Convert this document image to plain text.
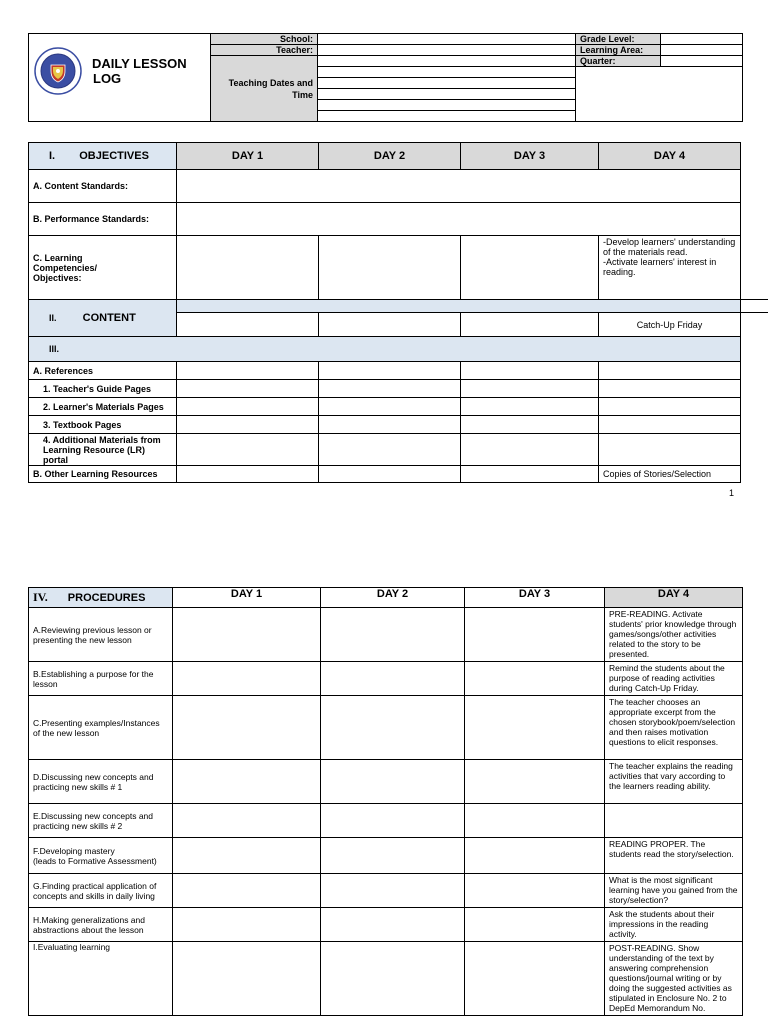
DAILY LESSON
LOG
	School:		Grade Level:	
	Teacher:		Learning Area:	
	Teaching Dates and Time		Quarter:	

I. OBJECTIVES	DAY 1	DAY 2	DAY 3	DAY 4
A. Content Standards:				
B. Performance Standards:				

C. Learning Competencies/ Objectives:				-Develop learners' understanding of the materials read.
-Activate learners' interest in reading.
II. CONTENT				
				Catch-Up Friday
III.				
A. References				
1. Teacher's Guide Pages				
2. Learner's Materials Pages				
3. Textbook Pages				
4. Additional Materials from Learning Resource (LR) portal				
B. Other Learning Resources				Copies of Stories/Selection
1
IV. PROCEDURES	DAY 1	DAY 2	DAY 3	DAY 4
A.Reviewing previous lesson or presenting the new lesson				PRE-READING. Activate students' prior knowledge through games/songs/other activities related to the story to be presented.
B.Establishing a purpose for the lesson				Remind the students about the purpose of reading activities during Catch-Up Friday.
C.Presenting examples/Instances of the new lesson				The teacher chooses an appropriate excerpt from the chosen storybook/poem/selection and then raises motivation questions to elicit responses.
D.Discussing new concepts and practicing new skills # 1				The teacher explains the reading activities that vary according to the learners reading ability.
E.Discussing new concepts and practicing new skills # 2				
F.Developing mastery
(leads to Formative Assessment)				READING PROPER. The students read the story/selection.
G.Finding practical application of concepts and skills in daily living				What is the most significant learning have you gained from the story/selection?
H.Making generalizations and abstractions about the lesson				Ask the students about their impressions in the reading activity.
I.Evaluating learning				POST-READING. Show understanding of the text by answering comprehension questions/journal writing or by doing the suggested activities as stipulated in Enclosure No. 2 to DepEd Memorandum No.
